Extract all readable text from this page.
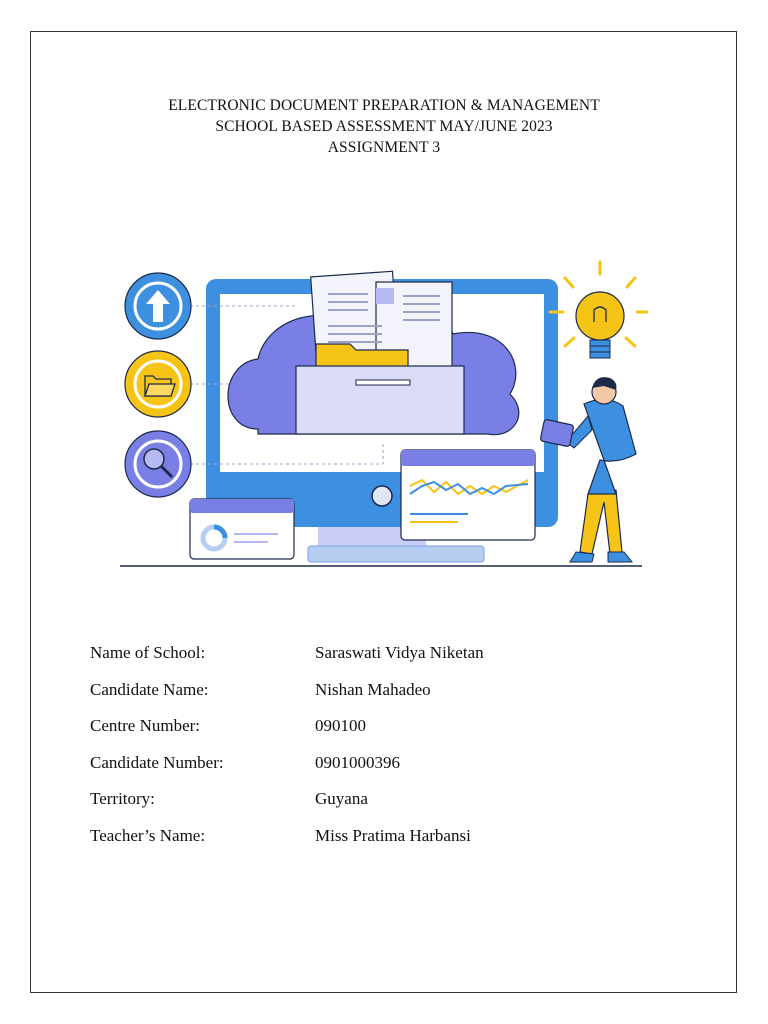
ELECTRONIC DOCUMENT PREPARATION & MANAGEMENT
SCHOOL BASED ASSESSMENT MAY/JUNE 2023
ASSIGNMENT 3
Name of School:	Saraswati Vidya Niketan
Candidate Name:	Nishan Mahadeo
Centre Number:	090100
Candidate Number:	0901000396
Territory:	Guyana
Teacher’s Name:	Miss Pratima Harbansi
